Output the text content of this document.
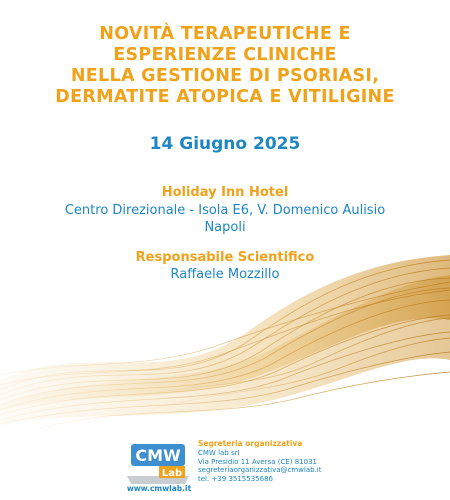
NOVITÀ TERAPEUTICHE E
ESPERIENZE CLINICHE
NELLA GESTIONE DI PSORIASI,
DERMATITE ATOPICA E VITILIGINE
14 Giugno 2025
Holiday Inn Hotel
Centro Direzionale - Isola E6, V. Domenico Aulisio
Napoli
Responsabile Scientifico
Raffaele Mozzillo
CMW
Lab
www.cmwlab.it
Segreteria organizzativa
CMW lab srl
Via Presidio 11 Aversa (CE) 81031
segreteriaorganizzativa@cmwlab.it
tel. +39 3515535686
